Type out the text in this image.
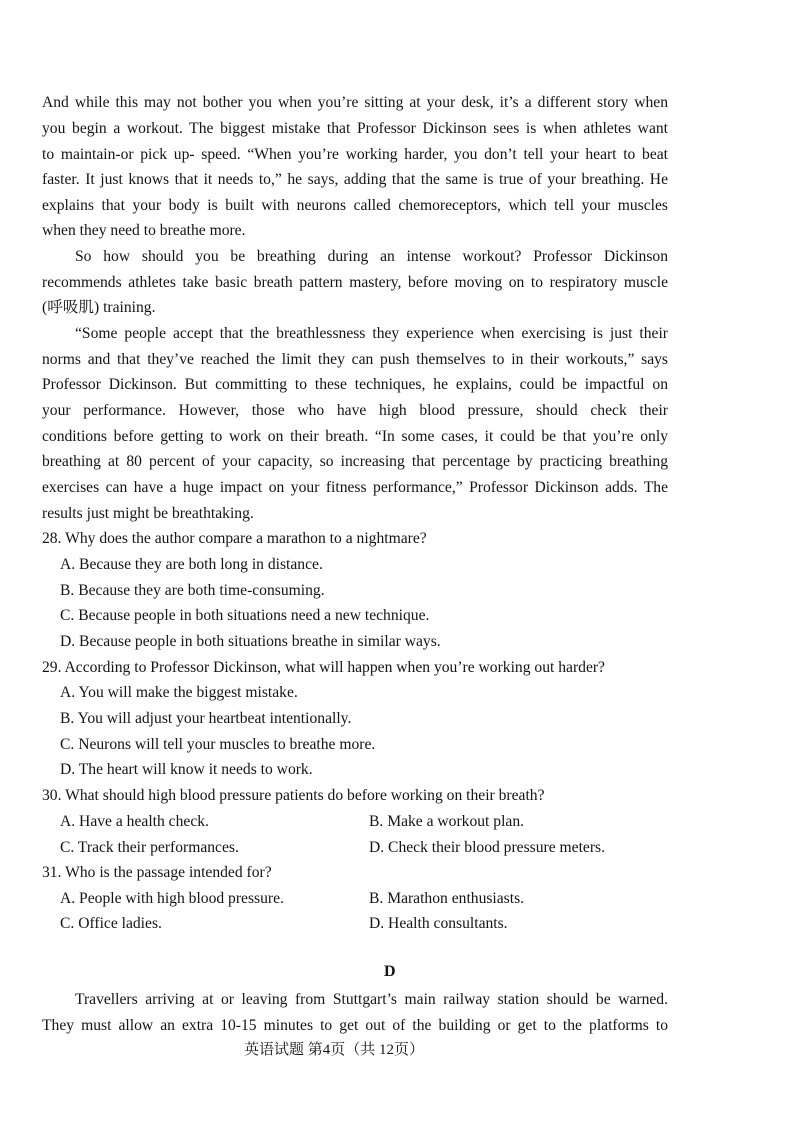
And while this may not bother you when you’re sitting at your desk, it’s a different story when
you begin a workout. The biggest mistake that Professor Dickinson sees is when athletes want
to maintain-or pick up- speed. “When you’re working harder, you don’t tell your heart to beat
faster. It just knows that it needs to,” he says, adding that the same is true of your breathing. He
explains that your body is built with neurons called chemoreceptors, which tell your muscles
when they need to breathe more.
So how should you be breathing during an intense workout? Professor Dickinson
recommends athletes take basic breath pattern mastery, before moving on to respiratory muscle
(呼吸肌) training.
“Some people accept that the breathlessness they experience when exercising is just their
norms and that they’ve reached the limit they can push themselves to in their workouts,” says
Professor Dickinson. But committing to these techniques, he explains, could be impactful on
your performance. However, those who have high blood pressure, should check their
conditions before getting to work on their breath. “In some cases, it could be that you’re only
breathing at 80 percent of your capacity, so increasing that percentage by practicing breathing
exercises can have a huge impact on your fitness performance,” Professor Dickinson adds. The
results just might be breathtaking.
28. Why does the author compare a marathon to a nightmare?
A. Because they are both long in distance.
B. Because they are both time-consuming.
C. Because people in both situations need a new technique.
D. Because people in both situations breathe in similar ways.
29. According to Professor Dickinson, what will happen when you’re working out harder?
A. You will make the biggest mistake.
B. You will adjust your heartbeat intentionally.
C. Neurons will tell your muscles to breathe more.
D. The heart will know it needs to work.
30. What should high blood pressure patients do before working on their breath?
A. Have a health check.	B. Make a workout plan.
C. Track their performances.	D. Check their blood pressure meters.
31. Who is the passage intended for?
A. People with high blood pressure.	B. Marathon enthusiasts.
C. Office ladies.	D. Health consultants.
D
Travellers arriving at or leaving from Stuttgart’s main railway station should be warned.
They must allow an extra 10-15 minutes to get out of the building or get to the platforms to
英语试题 第4页（共 12页）
